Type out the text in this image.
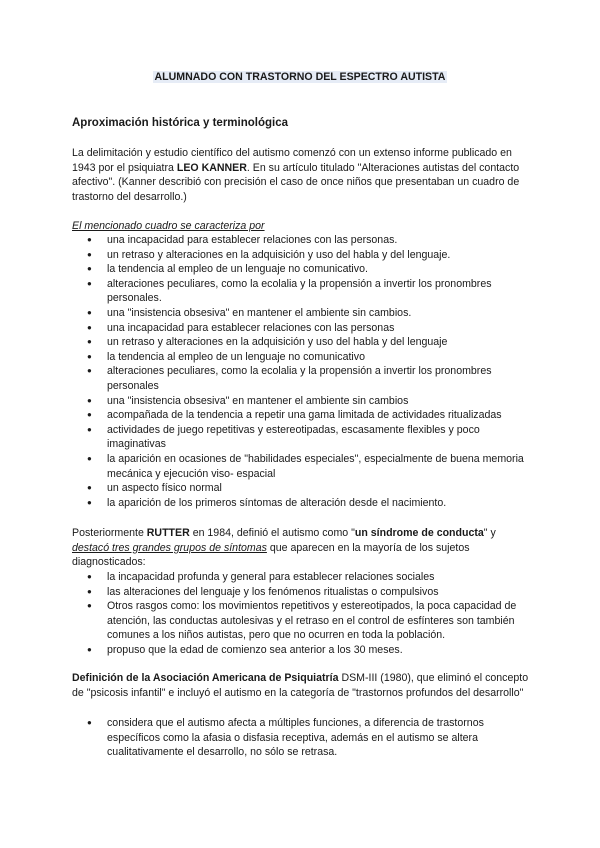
ALUMNADO CON TRASTORNO DEL ESPECTRO AUTISTA
Aproximación histórica y terminológica

La delimitación y estudio científico del autismo comenzó con un extenso informe publicado en 1943 por el psiquiatra LEO KANNER. En su artículo titulado "Alteraciones autistas del contacto afectivo". (Kanner describió con precisión el caso de once niños que presentaban un cuadro de trastorno del desarrollo.)

El mencionado cuadro se caracteriza por
● una incapacidad para establecer relaciones con las personas.
● un retraso y alteraciones en la adquisición y uso del habla y del lenguaje.
● la tendencia al empleo de un lenguaje no comunicativo.
● alteraciones peculiares, como la ecolalia y la propensión a invertir los pronombres personales.
● una "insistencia obsesiva" en mantener el ambiente sin cambios.
● una incapacidad para establecer relaciones con las personas
● un retraso y alteraciones en la adquisición y uso del habla y del lenguaje
● la tendencia al empleo de un lenguaje no comunicativo
● alteraciones peculiares, como la ecolalia y la propensión a invertir los pronombres personales
● una "insistencia obsesiva" en mantener el ambiente sin cambios
● acompañada de la tendencia a repetir una gama limitada de actividades ritualizadas
● actividades de juego repetitivas y estereotipadas, escasamente flexibles y poco imaginativas
● la aparición en ocasiones de "habilidades especiales", especialmente de buena memoria mecánica y ejecución viso- espacial
● un aspecto físico normal
● la aparición de los primeros síntomas de alteración desde el nacimiento.

Posteriormente RUTTER en 1984, definió el autismo como "un síndrome de conducta" y destacó tres grandes grupos de síntomas que aparecen en la mayoría de los sujetos diagnosticados:

● la incapacidad profunda y general para establecer relaciones sociales
● las alteraciones del lenguaje y los fenómenos ritualistas o compulsivos
● Otros rasgos como: los movimientos repetitivos y estereotipados, la poca capacidad de atención, las conductas autolesivas y el retraso en el control de esfínteres son también comunes a los niños autistas, pero que no ocurren en toda la población.
● propuso que la edad de comienzo sea anterior a los 30 meses.

Definición de la Asociación Americana de Psiquiatría DSM-III (1980), que eliminó el concepto de "psicosis infantil" e incluyó el autismo en la categoría de "trastornos profundos del desarrollo"

● considera que el autismo afecta a múltiples funciones, a diferencia de trastornos específicos como la afasia o disfasia receptiva, además en el autismo se altera cualitativamente el desarrollo, no sólo se retrasa.
